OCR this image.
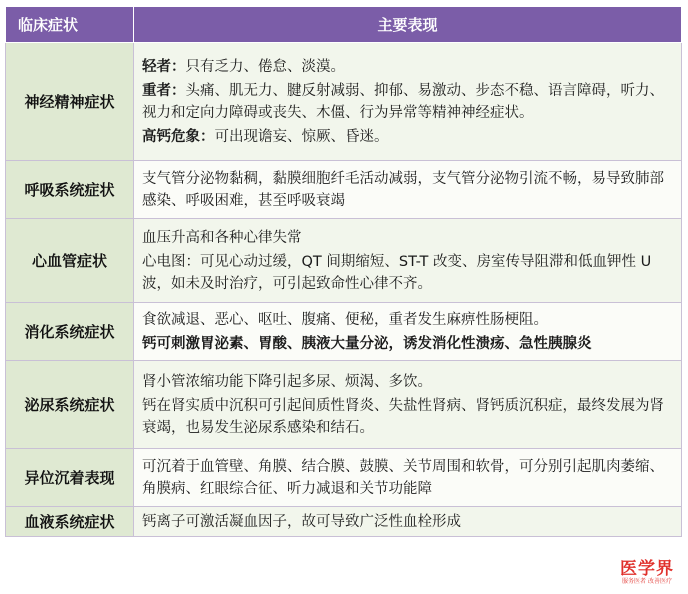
临床症状	主要表现
神经精神症状	轻者：只有乏力、倦怠、淡漠。
重者：头痛、肌无力、腱反射减弱、抑郁、易激动、步态不稳、语言障碍，听力、视力和定向力障碍或丧失、木僵、行为异常等精神神经症状。
高钙危象：可出现谵妄、惊厥、昏迷。

呼吸系统症状	支气管分泌物黏稠，黏膜细胞纤毛活动减弱，支气管分泌物引流不畅，易导致肺部感染、呼吸困难，甚至呼吸衰竭

心血管症状	血压升高和各种心律失常
心电图：可见心动过缓，QT 间期缩短、ST-T 改变、房室传导阻滞和低血钾性 U 波，如未及时治疗，可引起致命性心律不齐。

消化系统症状	食欲减退、恶心、呕吐、腹痛、便秘，重者发生麻痹性肠梗阻。
钙可刺激胃泌素、胃酸、胰液大量分泌，诱发消化性溃疡、急性胰腺炎

泌尿系统症状	肾小管浓缩功能下降引起多尿、烦渴、多饮。
钙在肾实质中沉积可引起间质性肾炎、失盐性肾病、肾钙质沉积症，最终发展为肾衰竭，也易发生泌尿系感染和结石。

异位沉着表现	可沉着于血管壁、角膜、结合膜、鼓膜、关节周围和软骨，可分别引起肌肉萎缩、角膜病、红眼综合征、听力减退和关节功能障

血液系统症状	钙离子可激活凝血因子，故可导致广泛性血栓形成
医学界
服务医者 改善医疗
